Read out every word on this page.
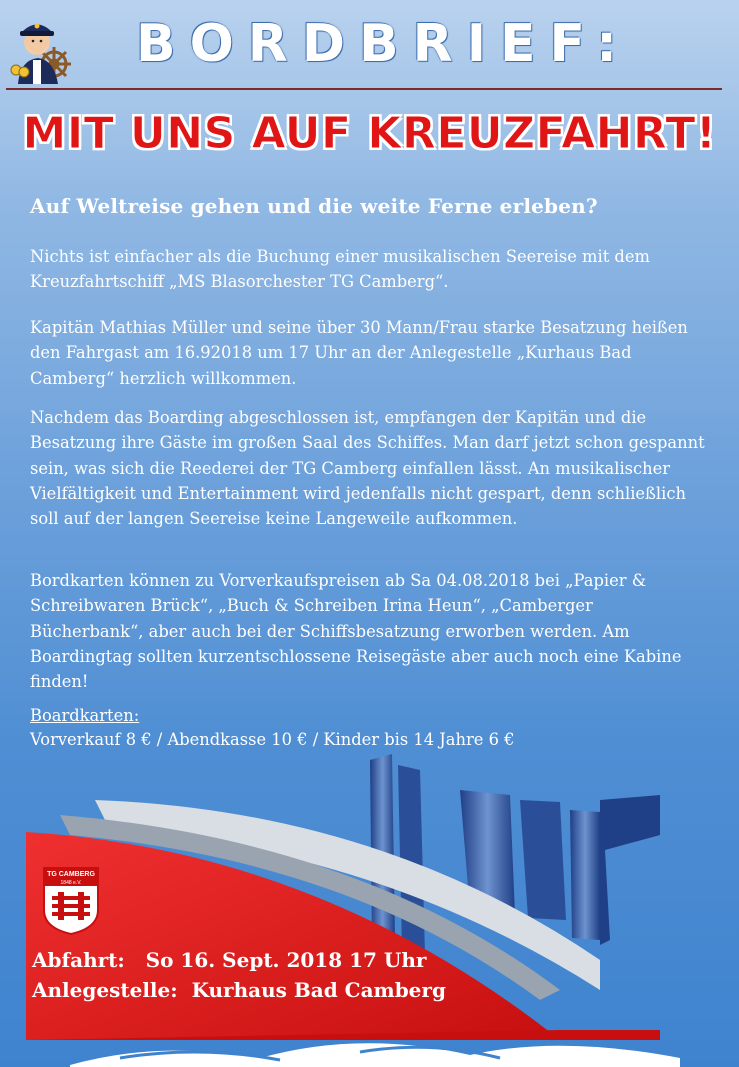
BORDBRIEF:
MIT UNS AUF KREUZFAHRT!
Auf Weltreise gehen und die weite Ferne erleben?
Nichts ist einfacher als die Buchung einer musikalischen Seereise mit dem Kreuzfahrtschiff „MS Blasorchester TG Camberg“.
Kapitän Mathias Müller und seine über 30 Mann/Frau starke Besatzung heißen den Fahrgast am 16.92018 um 17 Uhr an der Anlegestelle „Kurhaus Bad Camberg“ herzlich willkommen.
Nachdem das Boarding abgeschlossen ist, empfangen der Kapitän und die Besatzung ihre Gäste im großen Saal des Schiffes. Man darf jetzt schon gespannt sein, was sich die Reederei der TG Camberg einfallen lässt. An musikalischer Vielfältigkeit und Entertainment wird jedenfalls nicht gespart, denn schließlich soll auf der langen Seereise keine Langeweile aufkommen.
Bordkarten können zu Vorverkaufspreisen ab Sa 04.08.2018 bei „Papier & Schreibwaren Brück“, „Buch & Schreiben Irina Heun“, „Camberger Bücherbank“, aber auch bei der Schiffsbesatzung erworben werden. Am Boardingtag sollten kurzentschlossene Reisegäste aber auch noch eine Kabine finden!
Boardkarten:
Vorverkauf 8 € / Abendkasse 10 € / Kinder bis 14 Jahre 6 €
TG CAMBERG
1848 e.V.
Abfahrt: So 16. Sept. 2018 17 Uhr
Anlegestelle: Kurhaus Bad Camberg
